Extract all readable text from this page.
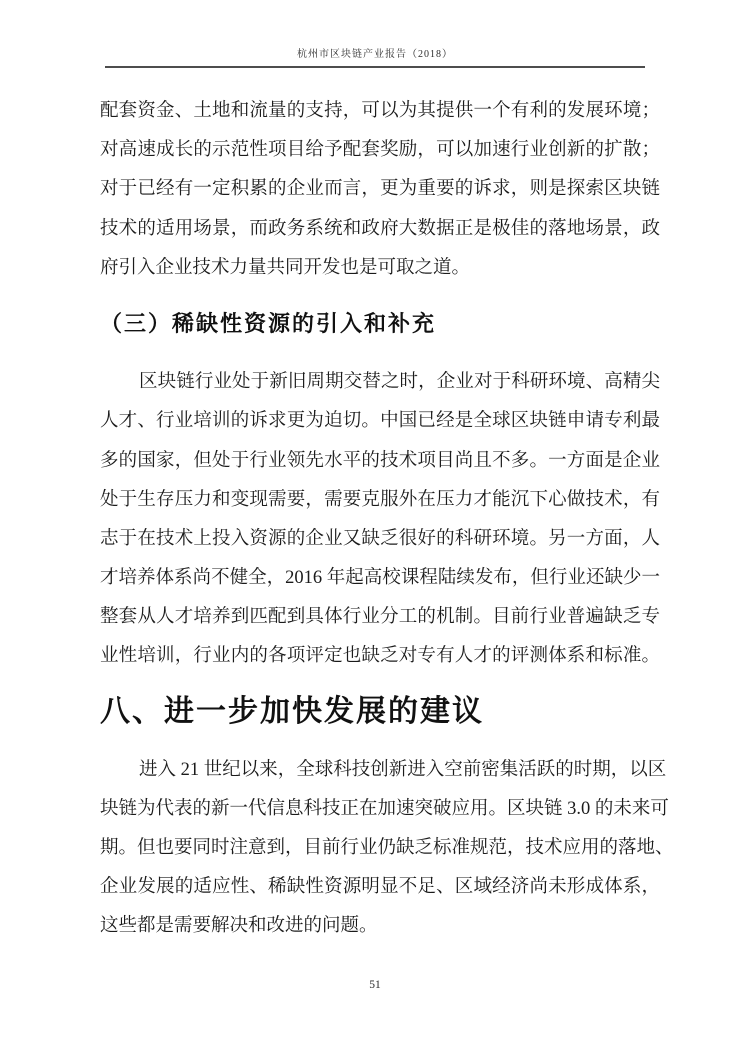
杭州市区块链产业报告（2018）
配套资金、土地和流量的支持，可以为其提供一个有利的发展环境；
对高速成长的示范性项目给予配套奖励，可以加速行业创新的扩散；
对于已经有一定积累的企业而言，更为重要的诉求，则是探索区块链
技术的适用场景，而政务系统和政府大数据正是极佳的落地场景，政
府引入企业技术力量共同开发也是可取之道。
（三）稀缺性资源的引入和补充
区块链行业处于新旧周期交替之时，企业对于科研环境、高精尖
人才、行业培训的诉求更为迫切。中国已经是全球区块链申请专利最
多的国家，但处于行业领先水平的技术项目尚且不多。一方面是企业
处于生存压力和变现需要，需要克服外在压力才能沉下心做技术，有
志于在技术上投入资源的企业又缺乏很好的科研环境。另一方面，人
才培养体系尚不健全，2016 年起高校课程陆续发布，但行业还缺少一
整套从人才培养到匹配到具体行业分工的机制。目前行业普遍缺乏专
业性培训，行业内的各项评定也缺乏对专有人才的评测体系和标准。
八、进一步加快发展的建议
进入 21 世纪以来，全球科技创新进入空前密集活跃的时期，以区
块链为代表的新一代信息科技正在加速突破应用。区块链 3.0 的未来可
期。但也要同时注意到，目前行业仍缺乏标准规范，技术应用的落地、
企业发展的适应性、稀缺性资源明显不足、区域经济尚未形成体系，
这些都是需要解决和改进的问题。
51
